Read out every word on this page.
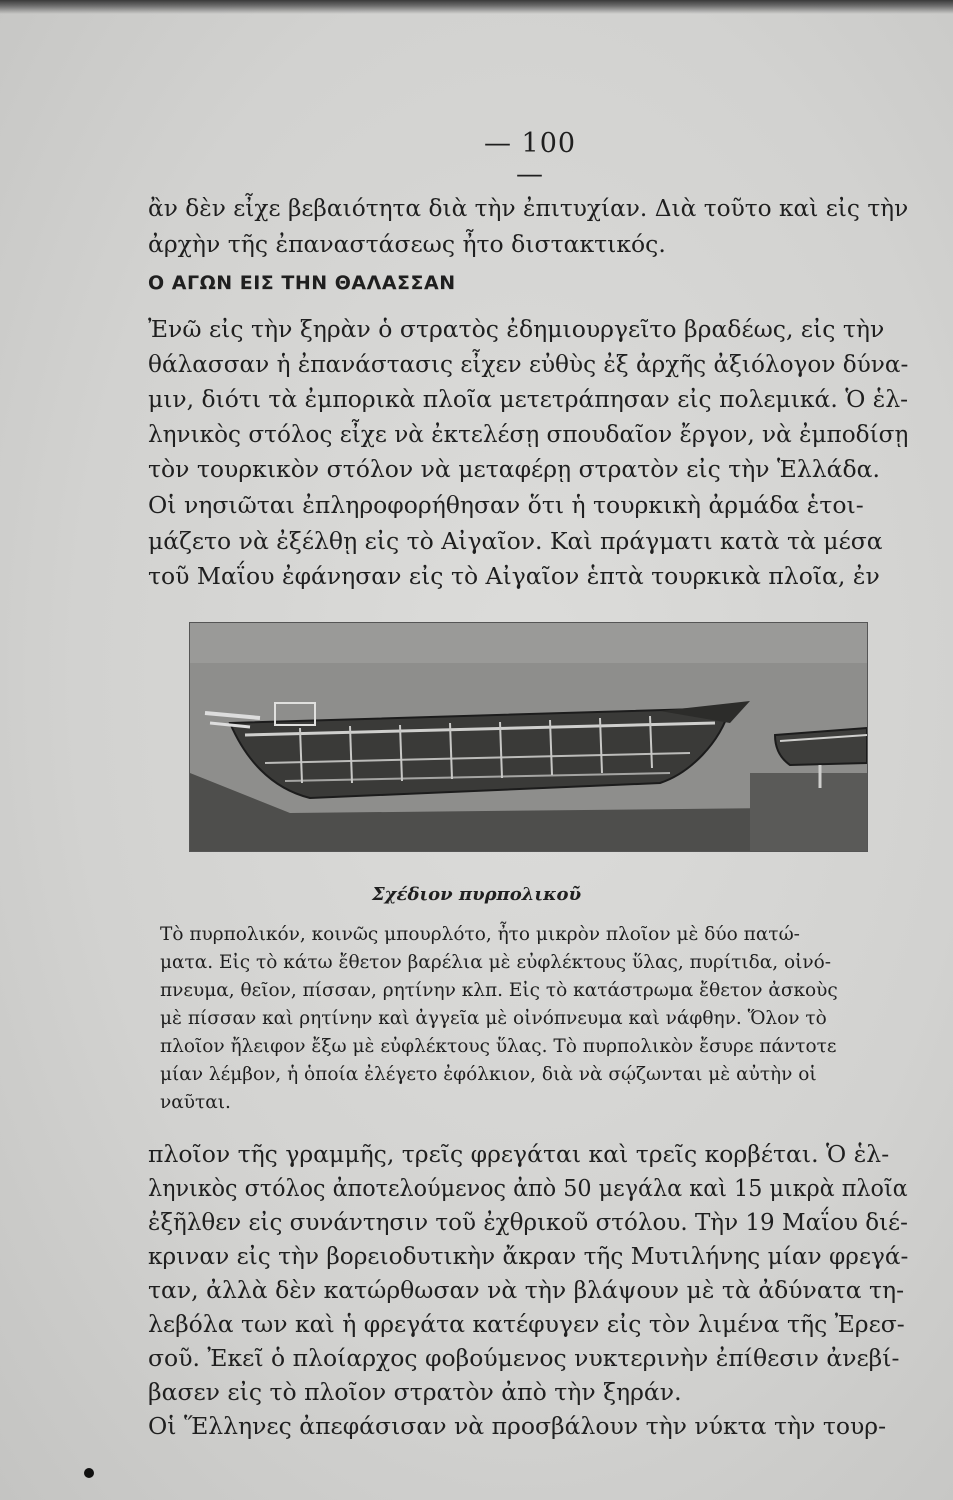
— 100 —
ἂν δὲν εἶχε βεβαιότητα διὰ τὴν ἐπιτυχίαν. Διὰ τοῦτο καὶ εἰς τὴν
ἀρχὴν τῆς ἐπαναστάσεως ἦτο διστακτικός.
Ο ΑΓΩΝ ΕΙΣ ΤΗΝ ΘΑΛΑΣΣΑΝ
Ἐνῶ εἰς τὴν ξηρὰν ὁ στρατὸς ἐδημιουργεῖτο βραδέως, εἰς τὴν
θάλασσαν ἡ ἐπανάστασις εἶχεν εὐθὺς ἐξ ἀρχῆς ἀξιόλογον δύνα-
μιν, διότι τὰ ἐμπορικὰ πλοῖα μετετράπησαν εἰς πολεμικά. Ὁ ἑλ-
ληνικὸς στόλος εἶχε νὰ ἐκτελέσῃ σπουδαῖον ἔργον, νὰ ἐμποδίσῃ
τὸν τουρκικὸν στόλον νὰ μεταφέρῃ στρατὸν εἰς τὴν Ἑλλάδα.
Οἱ νησιῶται ἐπληροφορήθησαν ὅτι ἡ τουρκικὴ ἀρμάδα ἑτοι-
μάζετο νὰ ἐξέλθῃ εἰς τὸ Αἰγαῖον. Καὶ πράγματι κατὰ τὰ μέσα
τοῦ Μαΐου ἐφάνησαν εἰς τὸ Αἰγαῖον ἑπτὰ τουρκικὰ πλοῖα, ἐν
Σχέδιον πυρπολικοῦ
Τὸ πυρπολικόν, κοινῶς μπουρλότο, ἦτο μικρὸν πλοῖον μὲ δύο πατώ-
ματα. Εἰς τὸ κάτω ἔθετον βαρέλια μὲ εὐφλέκτους ὕλας, πυρίτιδα, οἰνό-
πνευμα, θεῖον, πίσσαν, ρητίνην κλπ. Εἰς τὸ κατάστρωμα ἔθετον ἀσκοὺς
μὲ πίσσαν καὶ ρητίνην καὶ ἀγγεῖα μὲ οἰνόπνευμα καὶ νάφθην. Ὅλον τὸ
πλοῖον ἤλειφον ἔξω μὲ εὐφλέκτους ὕλας. Τὸ πυρπολικὸν ἔσυρε πάντοτε
μίαν λέμβον, ἡ ὁποία ἐλέγετο ἐφόλκιον, διὰ νὰ σῴζωνται μὲ αὐτὴν οἱ
ναῦται.
πλοῖον τῆς γραμμῆς, τρεῖς φρεγάται καὶ τρεῖς κορβέται. Ὁ ἑλ-
ληνικὸς στόλος ἀποτελούμενος ἀπὸ 50 μεγάλα καὶ 15 μικρὰ πλοῖα
ἐξῆλθεν εἰς συνάντησιν τοῦ ἐχθρικοῦ στόλου. Τὴν 19 Μαΐου διέ-
κριναν εἰς τὴν βορειοδυτικὴν ἄκραν τῆς Μυτιλήνης μίαν φρεγά-
ταν, ἀλλὰ δὲν κατώρθωσαν νὰ τὴν βλάψουν μὲ τὰ ἀδύνατα τη-
λεβόλα των καὶ ἡ φρεγάτα κατέφυγεν εἰς τὸν λιμένα τῆς Ἐρεσ-
σοῦ. Ἐκεῖ ὁ πλοίαρχος φοβούμενος νυκτερινὴν ἐπίθεσιν ἀνεβί-
βασεν εἰς τὸ πλοῖον στρατὸν ἀπὸ τὴν ξηράν.
Οἱ Ἕλληνες ἀπεφάσισαν νὰ προσβάλουν τὴν νύκτα τὴν τουρ-
